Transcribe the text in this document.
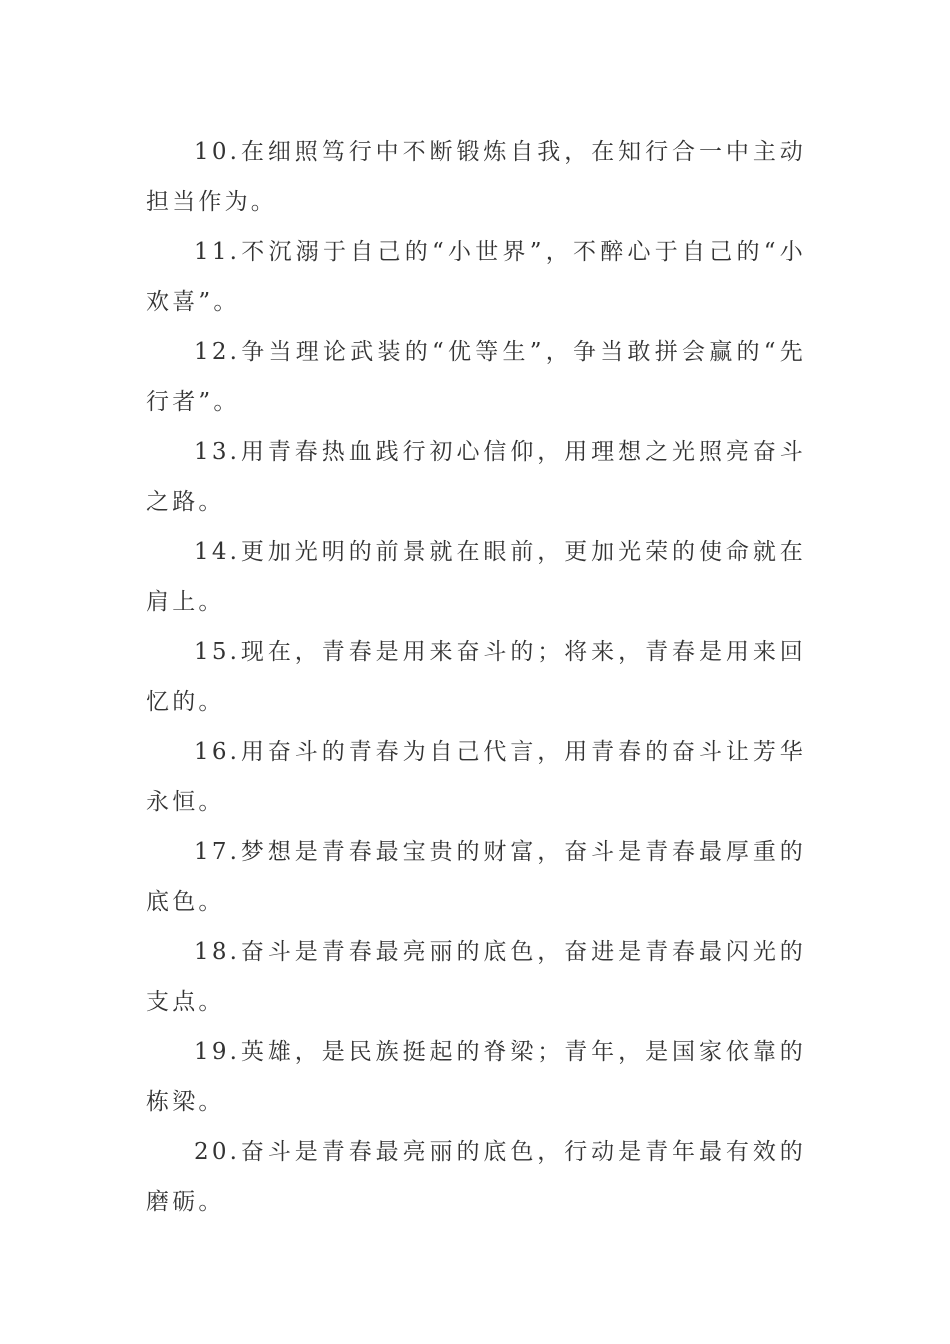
10.在细照笃行中不断锻炼自我，在知行合一中主动担当作为。

11.不沉溺于自己的“小世界”，不醉心于自己的“小欢喜”。

12.争当理论武装的“优等生”，争当敢拼会赢的“先行者”。

13.用青春热血践行初心信仰，用理想之光照亮奋斗之路。

14.更加光明的前景就在眼前，更加光荣的使命就在肩上。

15.现在，青春是用来奋斗的；将来，青春是用来回忆的。

16.用奋斗的青春为自己代言，用青春的奋斗让芳华永恒。

17.梦想是青春最宝贵的财富，奋斗是青春最厚重的底色。

18.奋斗是青春最亮丽的底色，奋进是青春最闪光的支点。

19.英雄，是民族挺起的脊梁；青年，是国家依靠的栋梁。

20.奋斗是青春最亮丽的底色，行动是青年最有效的磨砺。
